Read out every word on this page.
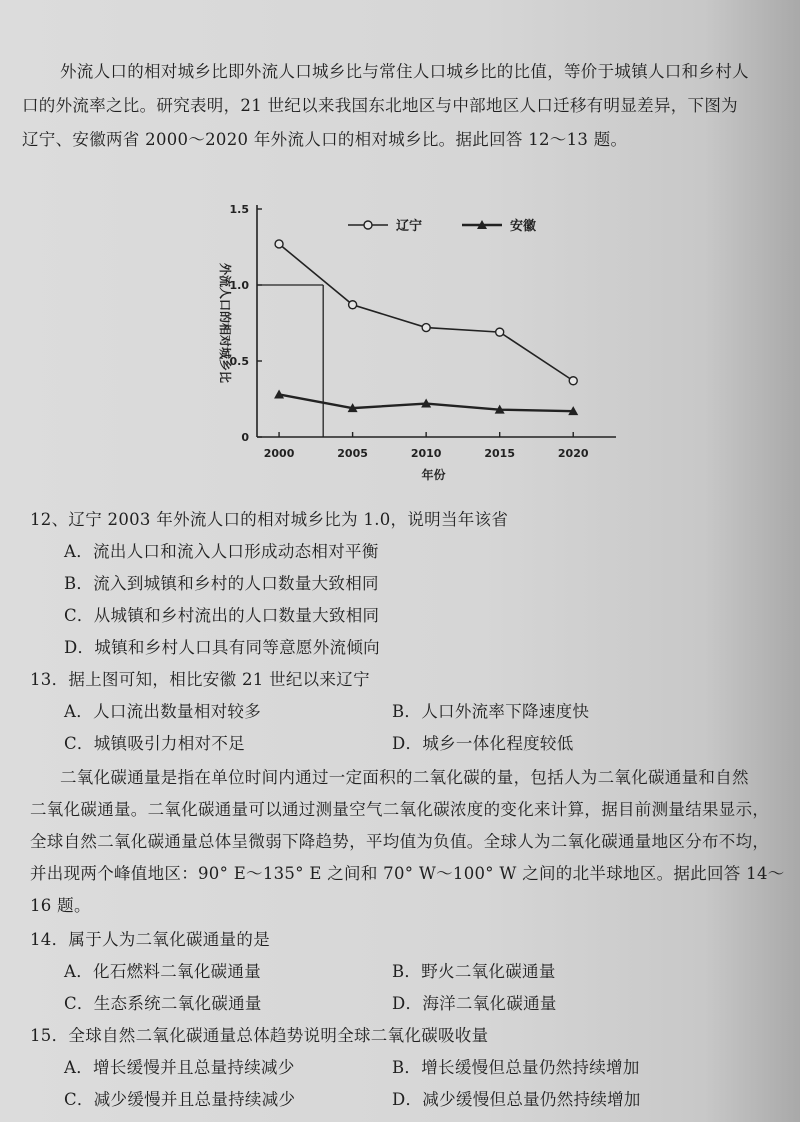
外流人口的相对城乡比即外流人口城乡比与常住人口城乡比的比值，等价于城镇人口和乡村人
口的外流率之比。研究表明，21 世纪以来我国东北地区与中部地区人口迁移有明显差异，下图为
辽宁、安徽两省 2000～2020 年外流人口的相对城乡比。据此回答 12～13 题。
0
0.5
1.0
1.5
2000	2005	2010	2015	2020
年份
外流人口的相对城乡比
辽宁	安徽
12、辽宁 2003 年外流人口的相对城乡比为 1.0，说明当年该省
A．流出人口和流入人口形成动态相对平衡
B．流入到城镇和乡村的人口数量大致相同
C．从城镇和乡村流出的人口数量大致相同
D．城镇和乡村人口具有同等意愿外流倾向
13．据上图可知，相比安徽 21 世纪以来辽宁
A．人口流出数量相对较多	B．人口外流率下降速度快
C．城镇吸引力相对不足	D．城乡一体化程度较低
二氧化碳通量是指在单位时间内通过一定面积的二氧化碳的量，包括人为二氧化碳通量和自然
二氧化碳通量。二氧化碳通量可以通过测量空气二氧化碳浓度的变化来计算，据目前测量结果显示，
全球自然二氧化碳通量总体呈微弱下降趋势，平均值为负值。全球人为二氧化碳通量地区分布不均，
并出现两个峰值地区：90° E～135° E 之间和 70° W～100° W 之间的北半球地区。据此回答 14～
16 题。
14．属于人为二氧化碳通量的是
A．化石燃料二氧化碳通量	B．野火二氧化碳通量
C．生态系统二氧化碳通量	D．海洋二氧化碳通量
15．全球自然二氧化碳通量总体趋势说明全球二氧化碳吸收量
A．增长缓慢并且总量持续减少	B．增长缓慢但总量仍然持续增加
C．减少缓慢并且总量持续减少	D．减少缓慢但总量仍然持续增加
